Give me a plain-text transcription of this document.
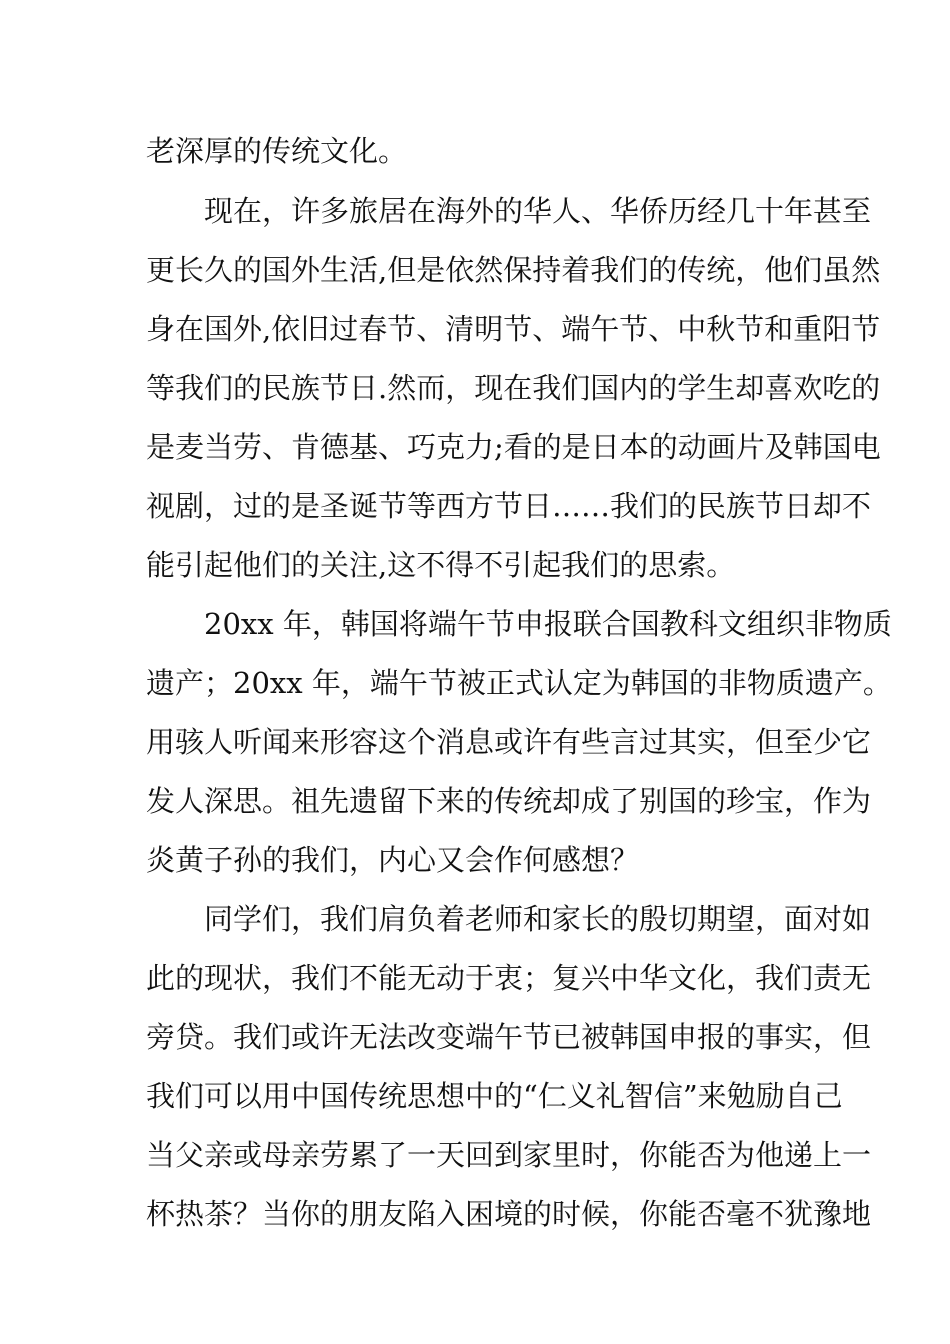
老深厚的传统文化。
现在，许多旅居在海外的华人、华侨历经几十年甚至
更长久的国外生活,但是依然保持着我们的传统，他们虽然
身在国外,依旧过春节、清明节、端午节、中秋节和重阳节
等我们的民族节日.然而，现在我们国内的学生却喜欢吃的
是麦当劳、肯德基、巧克力;看的是日本的动画片及韩国电
视剧，过的是圣诞节等西方节日……我们的民族节日却不
能引起他们的关注,这不得不引起我们的思索。
20xx 年，韩国将端午节申报联合国教科文组织非物质
遗产；20xx 年，端午节被正式认定为韩国的非物质遗产。
用骇人听闻来形容这个消息或许有些言过其实，但至少它
发人深思。祖先遗留下来的传统却成了别国的珍宝，作为
炎黄子孙的我们，内心又会作何感想？
同学们，我们肩负着老师和家长的殷切期望，面对如
此的现状，我们不能无动于衷；复兴中华文化，我们责无
旁贷。我们或许无法改变端午节已被韩国申报的事实，但
我们可以用中国传统思想中的“仁义礼智信”来勉励自己
当父亲或母亲劳累了一天回到家里时，你能否为他递上一
杯热茶？当你的朋友陷入困境的时候，你能否毫不犹豫地
